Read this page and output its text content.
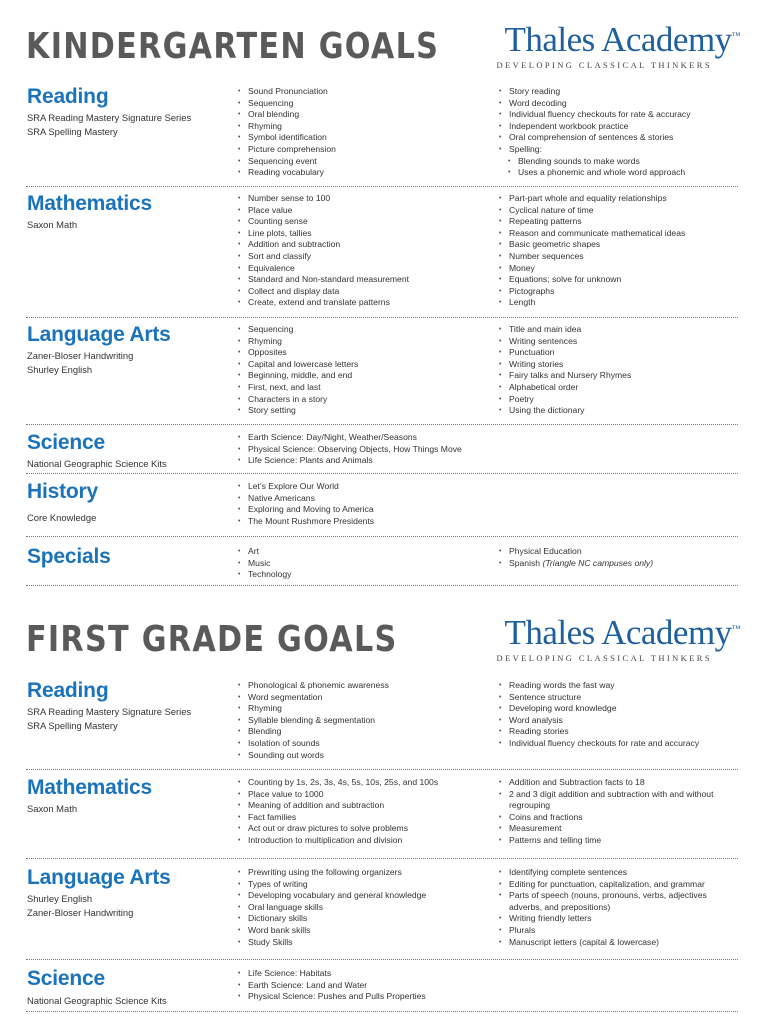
KINDERGARTEN GOALS Thales Academy™
DEVELOPING CLASSICAL THINKERS
Reading
SRA Reading Mastery Signature Series
SRA Spelling Mastery
• Sound Pronunciation
• Sequencing
• Oral blending
• Rhyming
• Symbol identification
• Picture comprehension
• Sequencing event
• Reading vocabulary
• Story reading
• Word decoding
• Individual fluency checkouts for rate & accuracy
• Independent workbook practice
• Oral comprehension of sentences & stories
• Spelling:
• Blending sounds to make words
• Uses a phonemic and whole word approach
Mathematics
Saxon Math
• Number sense to 100
• Place value
• Counting sense
• Line plots, tallies
• Addition and subtraction
• Sort and classify
• Equivalence
• Standard and Non-standard measurement
• Collect and display data
• Create, extend and translate patterns
• Part-part whole and equality relationships
• Cyclical nature of time
• Repeating patterns
• Reason and communicate mathematical ideas
• Basic geometric shapes
• Number sequences
• Money
• Equations; solve for unknown
• Pictographs
• Length
Language Arts
Zaner-Bloser Handwriting
Shurley English
• Sequencing
• Rhyming
• Opposites
• Capital and lowercase letters
• Beginning, middle, and end
• First, next, and last
• Characters in a story
• Story setting
• Title and main idea
• Writing sentences
• Punctuation
• Writing stories
• Fairy talks and Nursery Rhymes
• Alphabetical order
• Poetry
• Using the dictionary
Science
National Geographic Science Kits
• Earth Science: Day/Night, Weather/Seasons
• Physical Science: Observing Objects, How Things Move
• Life Science: Plants and Animals
History
Core Knowledge
• Let's Explore Our World
• Native Americans
• Exploring and Moving to America
• The Mount Rushmore Presidents
Specials
•	Art
• Music
• Technology
• Physical Education
• Spanish (Triangle NC campuses only)
FIRST GRADE GOALS	Thales Academy™
DEVELOPING CLASSICAL THINKERS
Reading
SRA Reading Mastery Signature Series
SRA Spelling Mastery
• Phonological & phonemic awareness
• Word segmentation
• Rhyming
• Syllable blending & segmentation
• Blending
• Isolation of sounds
• Sounding out words
• Reading words the fast way
• Sentence structure
• Developing word knowledge
• Word analysis
• Reading stories
• Individual fluency checkouts for rate and accuracy
Mathematics
Saxon Math
• Counting by 1s, 2s, 3s, 4s, 5s, 10s, 25s, and 100s
• Place value to 1000
• Meaning of addition and subtraction
• Fact families
• Act out or draw pictures to solve problems
• Introduction to multiplication and division
• Addition and Subtraction facts to 18
• 2 and 3 digit addition and subtraction with and without regrouping
• Coins and fractions
• Measurement
• Patterns and telling time
Language Arts
Shurley English
Zaner-Bloser Handwriting
• Prewriting using the following organizers
• Types of writing
• Developing vocabulary and general knowledge
• Oral language skills
• Dictionary skills
• Word bank skills
• Study Skills
• Identifying complete sentences
• Editing for punctuation, capitalization, and grammar
• Parts of speech (nouns, pronouns, verbs, adjectives adverbs, and prepositions)
• Writing friendly letters
• Plurals
• Manuscript letters (capital & lowercase)
Science
National Geographic Science Kits
• Life Science: Habitats
• Earth Science: Land and Water
• Physical Science: Pushes and Pulls Properties
